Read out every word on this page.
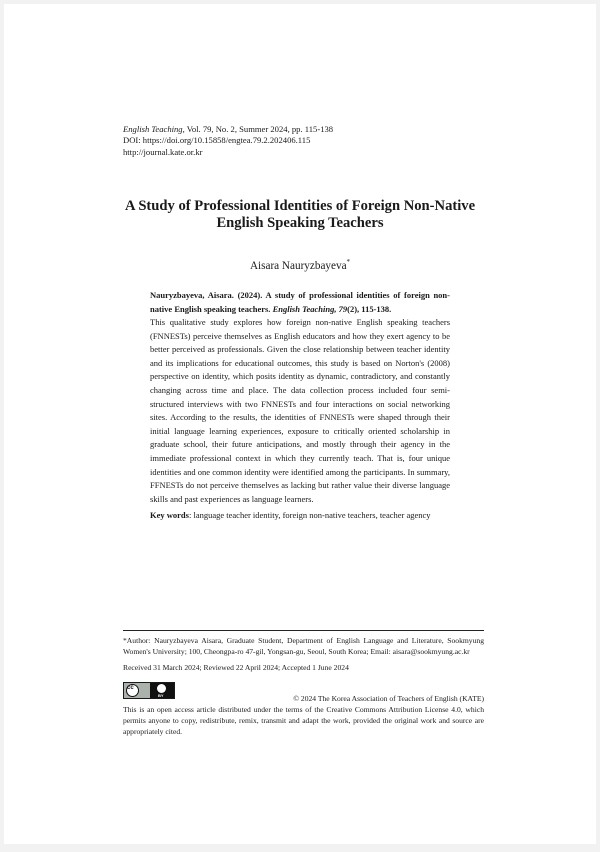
English Teaching, Vol. 79, No. 2, Summer 2024, pp. 115-138
DOI: https://doi.org/10.15858/engtea.79.2.202406.115
http://journal.kate.or.kr
A Study of Professional Identities of Foreign Non-Native
English Speaking Teachers
Aisara Nauryzbayeva*
Nauryzbayeva, Aisara. (2024). A study of professional identities of foreign non-native English speaking teachers. English Teaching, 79(2), 115-138.
This qualitative study explores how foreign non-native English speaking teachers (FNNESTs) perceive themselves as English educators and how they exert agency to be better perceived as professionals. Given the close relationship between teacher identity and its implications for educational outcomes, this study is based on Norton's (2008) perspective on identity, which posits identity as dynamic, contradictory, and constantly changing across time and place. The data collection process included four semi-structured interviews with two FNNESTs and four interactions on social networking sites. According to the results, the identities of FNNESTs were shaped through their initial language learning experiences, exposure to critically oriented scholarship in graduate school, their future anticipations, and mostly through their agency in the immediate professional context in which they currently teach. That is, four unique identities and one common identity were identified among the participants. In summary, FFNESTs do not perceive themselves as lacking but rather value their diverse language skills and past experiences as language learners.
Key words: language teacher identity, foreign non-native teachers, teacher agency
*Author: Nauryzbayeva Aisara, Graduate Student, Department of English Language and Literature, Sookmyung Women's University; 100, Cheongpa-ro 47-gil, Yongsan-gu, Seoul, South Korea; Email: aisara@sookmyung.ac.kr
Received 31 March 2024; Reviewed 22 April 2024; Accepted 1 June 2024
cc
BY	© 2024 The Korea Association of Teachers of English (KATE)
This is an open access article distributed under the terms of the Creative Commons Attribution License 4.0, which permits anyone to copy, redistribute, remix, transmit and adapt the work, provided the original work and source are appropriately cited.
